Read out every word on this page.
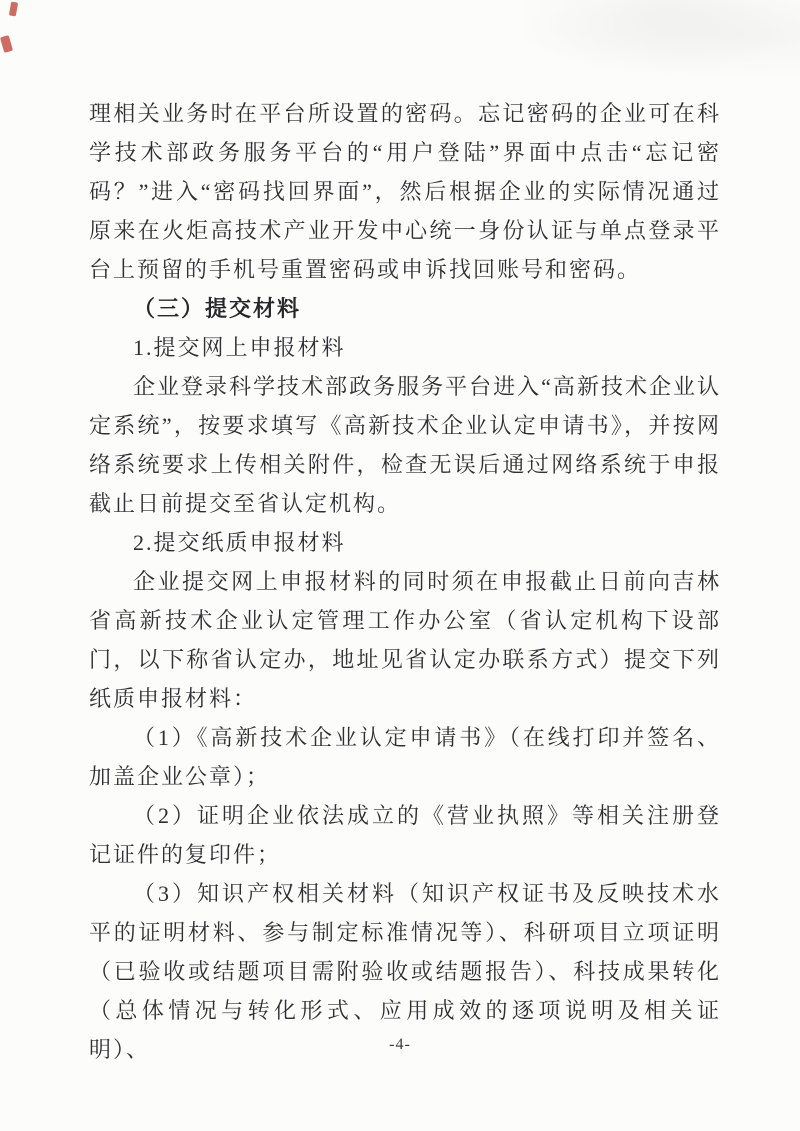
理相关业务时在平台所设置的密码。忘记密码的企业可在科学技术部政务服务平台的“用户登陆”界面中点击“忘记密码？”进入“密码找回界面”，然后根据企业的实际情况通过原来在火炬高技术产业开发中心统一身份认证与单点登录平台上预留的手机号重置密码或申诉找回账号和密码。
（三）提交材料
1.提交网上申报材料
企业登录科学技术部政务服务平台进入“高新技术企业认定系统”，按要求填写《高新技术企业认定申请书》，并按网络系统要求上传相关附件，检查无误后通过网络系统于申报截止日前提交至省认定机构。
2.提交纸质申报材料
企业提交网上申报材料的同时须在申报截止日前向吉林省高新技术企业认定管理工作办公室（省认定机构下设部门，以下称省认定办，地址见省认定办联系方式）提交下列纸质申报材料：
（1）《高新技术企业认定申请书》（在线打印并签名、加盖企业公章）；
（2）证明企业依法成立的《营业执照》等相关注册登记证件的复印件；
（3）知识产权相关材料（知识产权证书及反映技术水平的证明材料、参与制定标准情况等）、科研项目立项证明（已验收或结题项目需附验收或结题报告）、科技成果转化（总体情况与转化形式、应用成效的逐项说明及相关证明）、	-4-
